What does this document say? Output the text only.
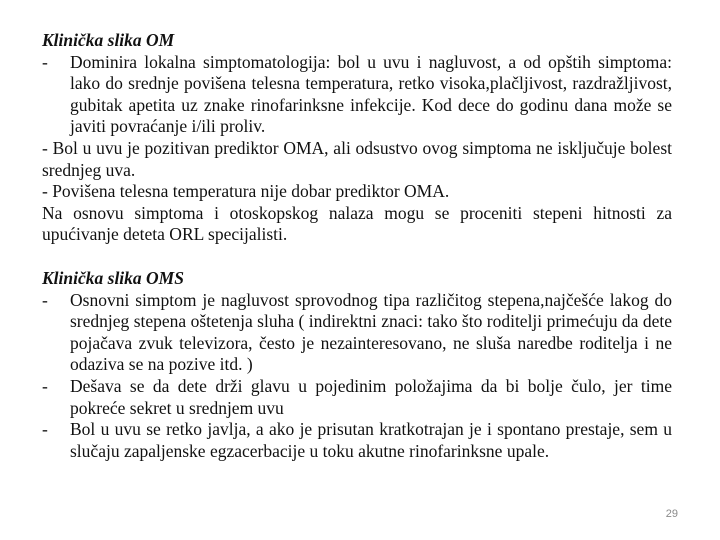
Klinička slika OM
-	Dominira lokalna simptomatologija: bol u uvu i nagluvost, a od opštih simptoma: lako do srednje povišena telesna temperatura, retko visoka,plačljivost, razdražljivost, gubitak apetita uz znake rinofarinksne infekcije. Kod dece do godinu dana može se javiti povraćanje i/ili proliv.
- Bol u uvu je pozitivan prediktor OMA, ali odsustvo ovog simptoma ne isključuje bolest srednjeg uva.
- Povišena telesna temperatura nije dobar prediktor OMA.
Na osnovu simptoma i otoskopskog nalaza mogu se proceniti stepeni hitnosti za upućivanje deteta ORL specijalisti.
Klinička slika OMS
-	Osnovni simptom je nagluvost sprovodnog tipa različitog stepena,najčešće lakog do srednjeg stepena oštetenja sluha ( indirektni znaci: tako što roditelji primećuju da dete pojačava zvuk televizora, često je nezainteresovano, ne sluša naredbe roditelja i ne odaziva se na pozive itd. )
-	Dešava se da dete drži glavu u pojedinim položajima da bi bolje čulo, jer time pokreće sekret u srednjem uvu
-	Bol u uvu se retko javlja, a ako je prisutan kratkotrajan je i spontano prestaje, sem u slučaju zapaljenske egzacerbacije u toku akutne rinofarinksne upale.
29
